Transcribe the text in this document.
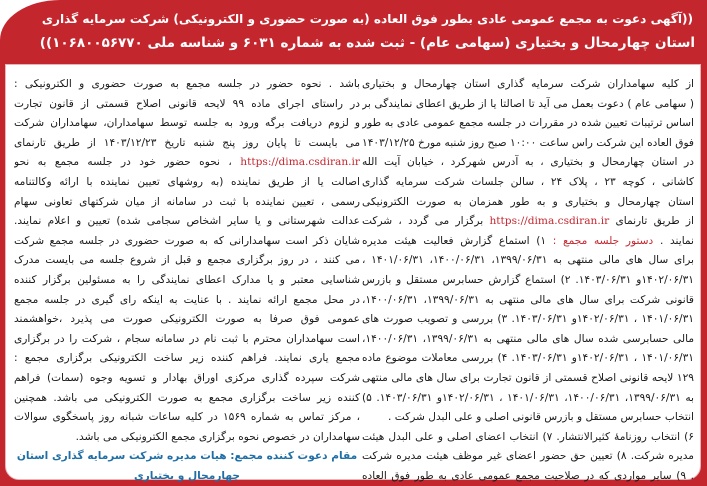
((آگهی دعوت به مجمع عمومی عادی بطور فوق العاده (به صورت حضوری و الکترونیکی) شرکت سرمایه گذاری
استان چهارمحال و بختیاری (سهامی عام) - ثبت شده به شماره ۶۰۳۱ و شناسه ملی ۱۰۶۸۰۰۵۶۷۷۰))
از کلیه سهامداران شرکت سرمایه گذاری استان چهارمحال و بختیاری
( سهامی عام ) دعوت بعمل می آید تا اصالتا یا از طریق اعطای نمایندگی بر
اساس ترتیبات تعیین شده در مقررات در جلسه مجمع عمومی عادی به طور
فوق العاده این شرکت راس ساعت ۱۰:۰۰ صبح روز شنبه مورخ ۱۴۰۳/۱۲/۲۵
در استان چهارمحال و بختیاری ، به آدرس شهرکرد ، خیابان آیت الله
کاشانی ، کوچه ۲۳ ، پلاک ۲۴ ، سالن جلسات شرکت سرمایه گذاری
استان چهارمحال و بختیاری و به طور همزمان به صورت الکترونیکی
از طریق تارنمای https://dima.csdiran.ir برگزار می گردد ، شرکت
نمایند . دستور جلسه مجمع : ۱) استماع گزارش فعالیت هیئت مدیره
برای سال های مالی منتهی به ۱۳۹۹/۰۶/۳۱، ۱۴۰۰/۰۶/۳۱، ۱۴۰۱/۰۶/۳۱ ،
۱۴۰۲/۰۶/۳۱و ۱۴۰۳/۰۶/۳۱. ۲) استماع گزارش حسابرس مستقل و بازرس
قانونی شرکت برای سال های مالی منتهی به ۱۳۹۹/۰۶/۳۱، ۱۴۰۰/۰۶/۳۱،
۱۴۰۱/۰۶/۳۱ ، ۱۴۰۲/۰۶/۳۱و ۱۴۰۳/۰۶/۳۱. ۳) بررسی و تصویب صورت های
مالی حسابرسی شده سال های مالی منتهی به ۱۳۹۹/۰۶/۳۱، ۱۴۰۰/۰۶/۳۱،
۱۴۰۱/۰۶/۳۱ ، ۱۴۰۲/۰۶/۳۱و ۱۴۰۳/۰۶/۳۱. ۴) بررسی معاملات موضوع ماده
۱۲۹ لایحه قانونی اصلاح قسمتی از قانون تجارت برای سال های مالی منتهی
به ۱۳۹۹/۰۶/۳۱، ۱۴۰۰/۰۶/۳۱، ۱۴۰۱/۰۶/۳۱ ، ۱۴۰۲/۰۶/۳۱و ۱۴۰۳/۰۶/۳۱. ۵)
انتخاب حسابرس مستقل و بازرس قانونی اصلی و علی البدل شرکت .
۶) انتخاب روزنامهٔ کثیرالانتشار. ۷) انتخاب اعضای اصلی و علی البدل هیئت
مدیره شرکت. ۸) تعیین حق حضور اعضای غیر موظف هیئت مدیره شرکت
. ۹) سایر مواردی که در صلاحیت مجمع عمومی عادی به طور فوق العاده
باشد . نحوه حضور در جلسه مجمع به صورت حضوری و الکترونیکی :
در راستای اجرای ماده ۹۹ لایحه قانونی اصلاح قسمتی از قانون تجارت
و لزوم دریافت برگه ورود به جلسه توسط سهامداران، سهامداران شرکت
می بایست تا پایان روز پنج شنبه تاریخ ۱۴۰۳/۱۲/۲۳ از طریق تارنمای
https://dima.csdiran.ir ، نحوه حضور خود در جلسه مجمع به نحو
اصالت یا از طریق نماینده (به روشهای تعیین نماینده با ارائه وکالتنامه
رسمی ، تعیین نماینده با ثبت در سامانه از میان شرکتهای تعاونی سهام
عدالت شهرستانی و یا سایر اشخاص سجامی شده) تعیین و اعلام نمایند.
شایان ذکر است سهامدارانی که به صورت حضوری در جلسه مجمع شرکت
می کنند ، در روز برگزاری مجمع و قبل از شروع جلسه می بایست مدرک
شناسایی معتبر و یا مدارک اعطای نمایندگی را به مسئولین برگزار کننده
در محل مجمع ارائه نمایند . با عنایت به اینکه رای گیری در جلسه مجمع
عمومی فوق صرفا به صورت الکترونیکی صورت می پذیرد ،خواهشمند
است سهامداران محترم با ثبت نام در سامانه سجام ، شرکت را در برگزاری
مجمع یاری نمایند. فراهم کننده زیر ساخت الکترونیکی برگزاری مجمع :
شرکت سپرده گذاری مرکزی اوراق بهادار و تسویه وجوه (سمات) فراهم
کننده زیر ساخت برگزاری مجمع به صورت الکترونیکی می باشد. همچنین
، مرکز تماس به شماره ۱۵۶۹ در کلیه ساعات شبانه روز پاسخگوی سوالات
سهامداران در خصوص نحوه برگزاری مجمع الکترونیکی می باشد.
مقام دعوت کننده مجمع: هیات مدیره شرکت سرمایه گذاری استان
چهارمحال و بختیاری
